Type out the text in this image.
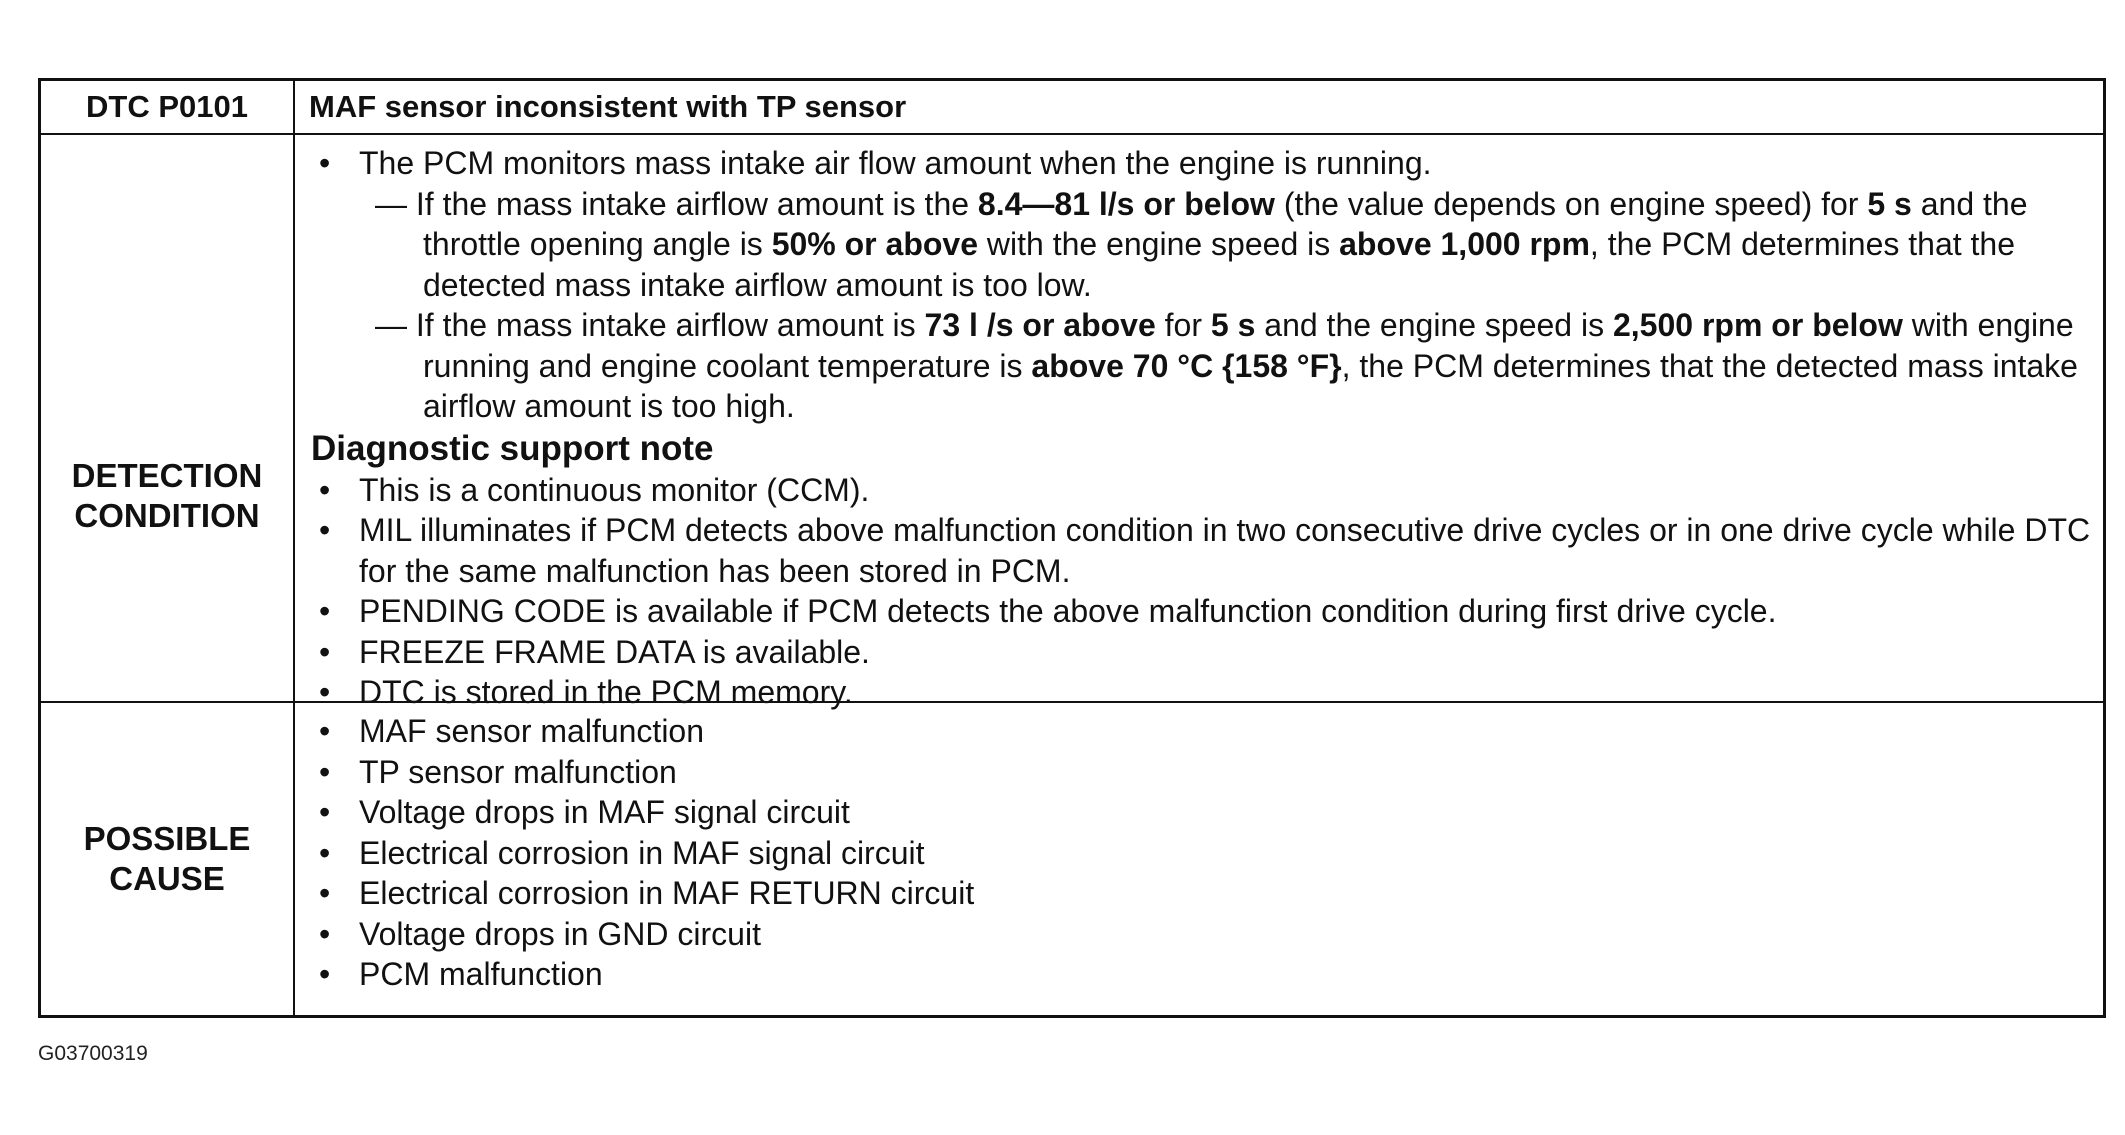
DTC P0101 MAF sensor inconsistent with TP sensor
DETECTION
CONDITION
• The PCM monitors mass intake air flow amount when the engine is running.
— If the mass intake airflow amount is the 8.4—81 l/s or below (the value depends on engine speed) for 5 s and the throttle opening angle is 50% or above with the engine speed is above 1,000 rpm, the PCM determines that the detected mass intake airflow amount is too low.
— If the mass intake airflow amount is 73 l /s or above for 5 s and the engine speed is 2,500 rpm or below with engine running and engine coolant temperature is above 70 °C {158 °F}, the PCM determines that the detected mass intake airflow amount is too high.
Diagnostic support note
• This is a continuous monitor (CCM).
• MIL illuminates if PCM detects above malfunction condition in two consecutive drive cycles or in one drive cycle while DTC for the same malfunction has been stored in PCM.
• PENDING CODE is available if PCM detects the above malfunction condition during first drive cycle.
• FREEZE FRAME DATA is available.
• DTC is stored in the PCM memory.
POSSIBLE
CAUSE
• MAF sensor malfunction
• TP sensor malfunction
• Voltage drops in MAF signal circuit
• Electrical corrosion in MAF signal circuit
• Electrical corrosion in MAF RETURN circuit
• Voltage drops in GND circuit
• PCM malfunction
G03700319
